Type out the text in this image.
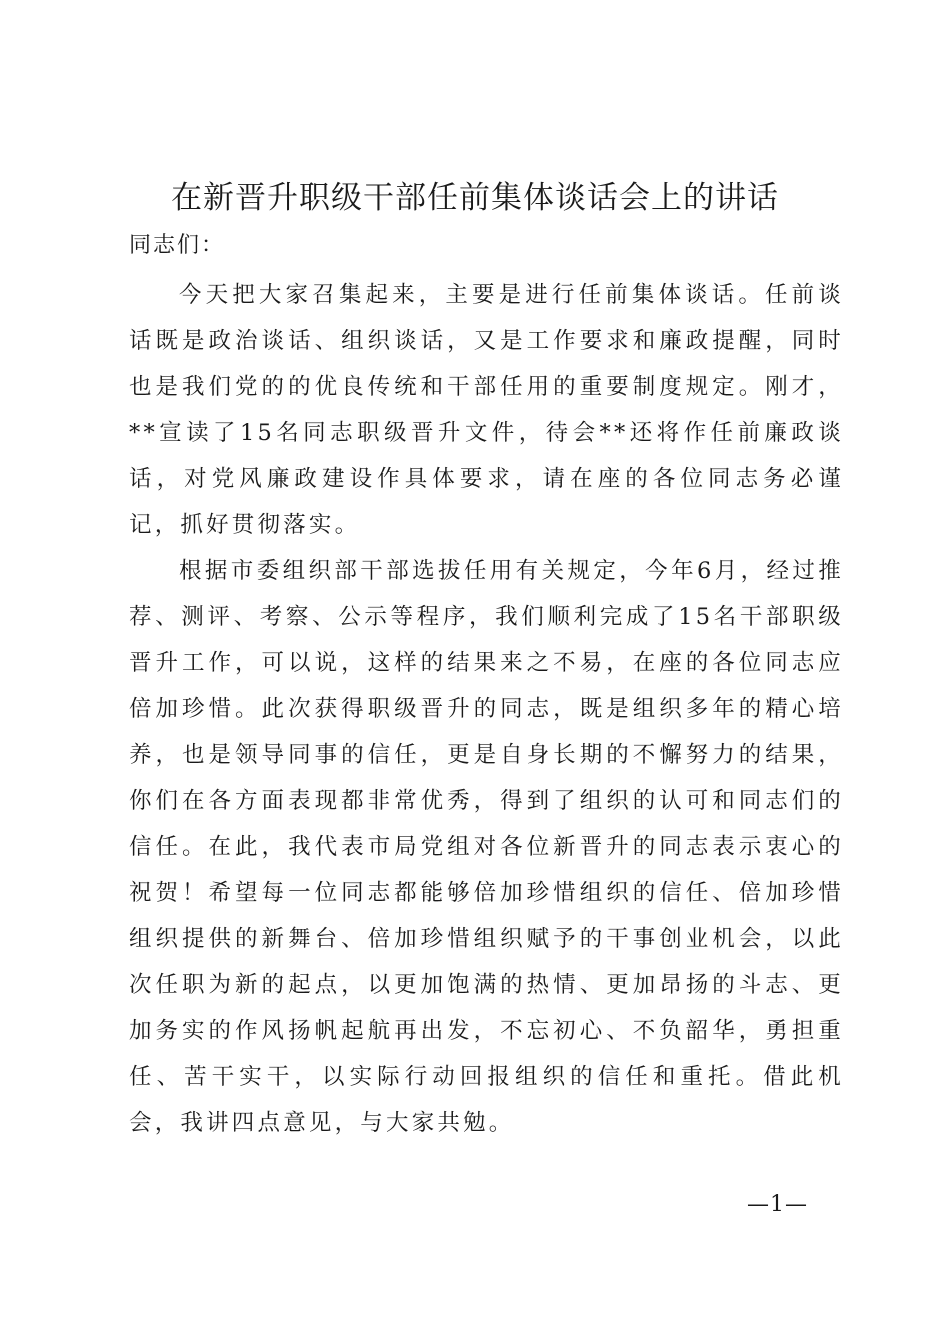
在新晋升职级干部任前集体谈话会上的讲话

同志们：

今天把大家召集起来，主要是进行任前集体谈话。任前谈话既是政治谈话、组织谈话，又是工作要求和廉政提醒，同时也是我们党的的优良传统和干部任用的重要制度规定。刚才，**宣读了15名同志职级晋升文件，待会**还将作任前廉政谈话，对党风廉政建设作具体要求，请在座的各位同志务必谨记，抓好贯彻落实。

根据市委组织部干部选拔任用有关规定，今年6月，经过推荐、测评、考察、公示等程序，我们顺利完成了15名干部职级晋升工作，可以说，这样的结果来之不易，在座的各位同志应倍加珍惜。此次获得职级晋升的同志，既是组织多年的精心培养，也是领导同事的信任，更是自身长期的不懈努力的结果，你们在各方面表现都非常优秀，得到了组织的认可和同志们的信任。在此，我代表市局党组对各位新晋升的同志表示衷心的祝贺！希望每一位同志都能够倍加珍惜组织的信任、倍加珍惜组织提供的新舞台、倍加珍惜组织赋予的干事创业机会，以此次任职为新的起点，以更加饱满的热情、更加昂扬的斗志、更加务实的作风扬帆起航再出发，不忘初心、不负韶华，勇担重任、苦干实干，以实际行动回报组织的信任和重托。借此机会，我讲四点意见，与大家共勉。

—1—
